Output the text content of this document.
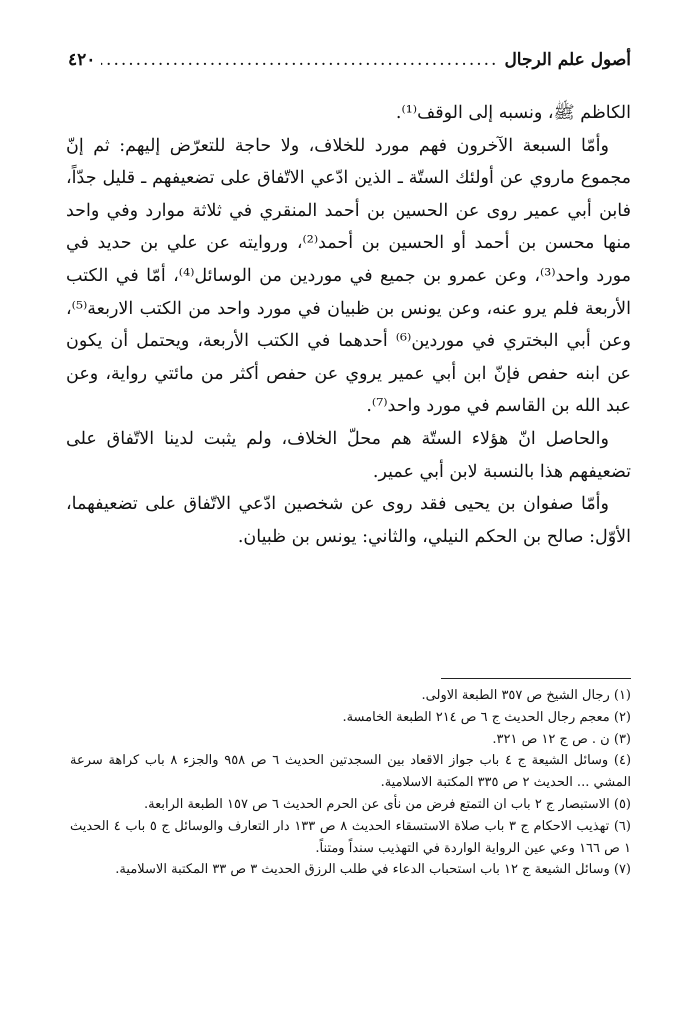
أصول علم الرجال
.....
٤٢٠

الكاظم ﷺ، ونسبه إلى الوقف⁽¹⁾.

وأمّا السبعة الآخرون فهم مورد للخلاف، ولا حاجة للتعرّض إليهم: ثم إنّ مجموع ماروي عن أولئك الستّة ـ الذين ادّعي الاتّفاق على تضعيفهم ـ قليل جدّاً، فابن أبي عمير روى عن الحسين بن أحمد المنقري في ثلاثة موارد وفي واحد منها محسن بن أحمد أو الحسين بن أحمد⁽²⁾، وروايته عن علي بن حديد في مورد واحد⁽³⁾، وعن عمرو بن جميع في موردين من الوسائل⁽⁴⁾، أمّا في الكتب الأربعة فلم يرو عنه، وعن يونس بن ظبيان في مورد واحد من الكتب الاربعة⁽⁵⁾، وعن أبي البختري في موردين⁽⁶⁾ أحدهما في الكتب الأربعة، ويحتمل أن يكون عن ابنه حفص فإنّ ابن أبي عمير يروي عن حفص أكثر من مائتي رواية، وعن عبد الله بن القاسم في مورد واحد⁽⁷⁾.

والحاصل انّ هؤلاء الستّة هم محلّ الخلاف، ولم يثبت لدينا الاتّفاق على تضعيفهم هذا بالنسبة لابن أبي عمير.

وأمّا صفوان بن يحيى فقد روى عن شخصين ادّعي الاتّفاق على تضعيفهما، الأوّل: صالح بن الحكم النيلي، والثاني: يونس بن ظبيان.

(١) رجال الشيخ ص ٣٥٧ الطبعة الاولى.

(٢) معجم رجال الحديث ج ٦ ص ٢١٤ الطبعة الخامسة.

(٣) ن . ص ج ١٢ ص ٣٢١.

(٤) وسائل الشيعة ج ٤ باب جواز الاقعاد بين السجدتين الحديث ٦ ص ٩٥٨ والجزء ٨ باب كراهة سرعة المشي ... الحديث ٢ ص ٣٣٥ المكتبة الاسلامية.

(٥) الاستبصار ج ٢ باب ان التمتع فرض من نأى عن الحرم الحديث ٦ ص ١٥٧ الطبعة الرابعة.

(٦) تهذيب الاحكام ج ٣ باب صلاة الاستسقاء الحديث ٨ ص ١٣٣ دار التعارف والوسائل ج ٥ باب ٤ الحديث ١ ص ١٦٦ وعي عين الرواية الواردة في التهذيب سنداً ومتناً.

(٧) وسائل الشيعة ج ١٢ باب استحباب الدعاء في طلب الرزق الحديث ٣ ص ٣٣ المكتبة الاسلامية.
